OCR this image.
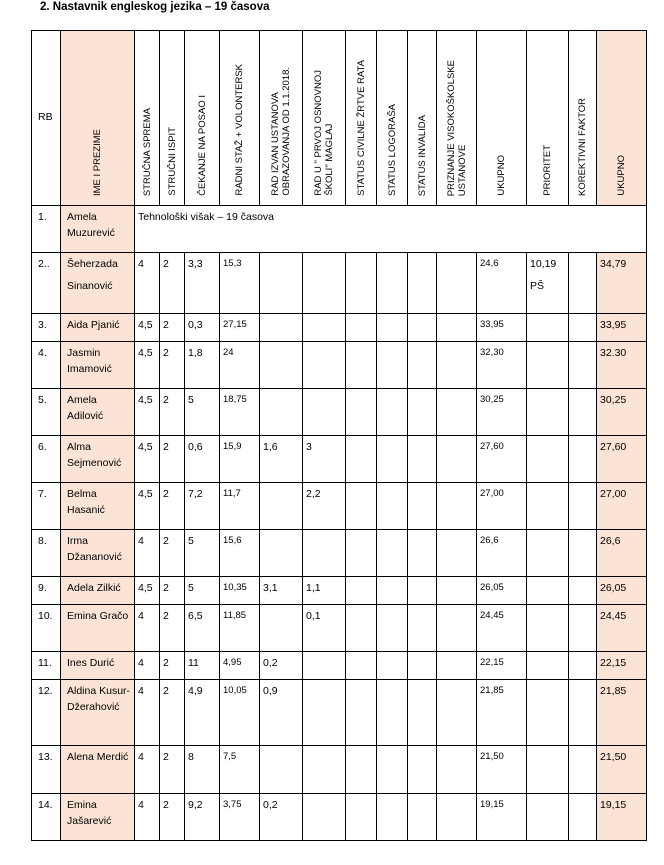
2. Nastavnik engleskog jezika – 19 časova

RB	IME I PREZIME	STRUČNA SPREMA	STRUČNI ISPIT	ČEKANJE NA POSAO I	RADNI STAŽ + VOLONTERSK	RAD IZVAN USTANOVA
OBRAZOVANJA OD 1.1.2018.	RAD U " PRVOJ OSNOVNOJ
ŠKOLI" MAGLAJ	STATUS CIVILNE ŽRTVE RATA	STATUS LOGORAŠA	STATUS INVALIDA	PRIZNANJE VISOKOŠKOLSKE
USTANOVE	UKUPNO	PRIORITET	KOREKTIVNI FAKTOR	UKUPNO
1.	Amela Muzurević	Tehnološki višak – 19 časova													
2..	Šeherzada
Sinanović	4	2	3,3	15,3							24,6	10,19
PŠ		34,79
3.	Aida Pjanić	4,5	2	0,3	27,15							33,95			33,95
4.	Jasmin Imamović	4,5	2	1,8	24							32,30			32.30
5.	Amela Adilović	4,5	2	5	18,75							30,25			30,25
6.	Alma Sejmenović	4,5	2	0,6	15,9	1,6	3					27,60			27,60
7.	Belma Hasanić	4,5	2	7,2	11,7		2,2					27,00			27,00
8.	Irma Džananović	4	2	5	15,6							26,6			26,6
9.	Adela Zilkić	4,5	2	5	10,35	3,1	1,1					26,05			26,05
10.	Emina Gračo	4	2	6,5	11,85		0,1					24,45			24,45
11.	Ines Durić	4	2	11	4,95	0,2						22,15			22,15
12.	Aldina Kusur-Džerahović	4	2	4,9	10,05	0,9						21,85			21,85
13.	Alena Merdić	4	2	8	7,5							21,50			21,50
14.	Emina Jašarević	4	2	9,2	3,75	0,2						19,15			19,15
